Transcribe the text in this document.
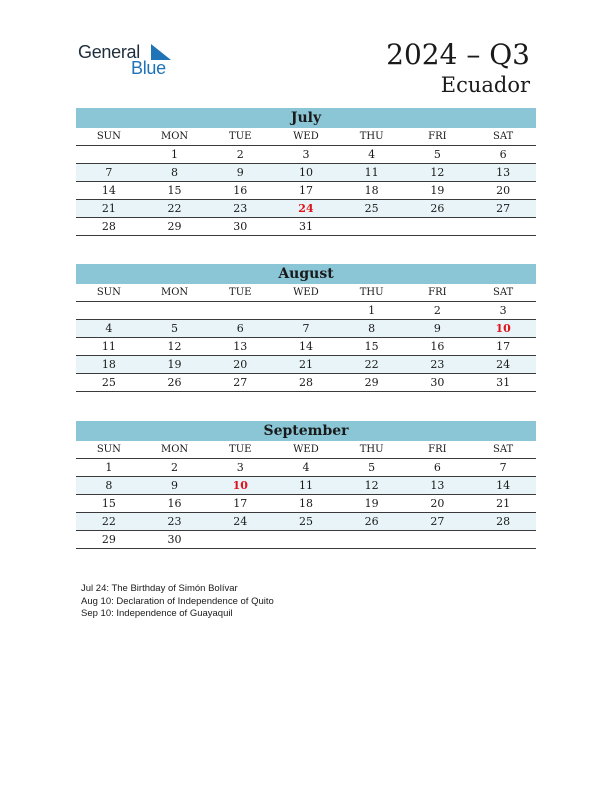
General
Blue	2024 – Q3
Ecuador
July
SUN	MON	TUE	WED	THU	FRI	SAT
	1	2	3	4	5	6
7	8	9	10	11	12	13
14	15	16	17	18	19	20
21	22	23	24	25	26	27
28	29	30	31			
August
SUN	MON	TUE	WED	THU	FRI	SAT
				1	2	3
4	5	6	7	8	9	10
11	12	13	14	15	16	17
18	19	20	21	22	23	24
25	26	27	28	29	30	31
September
SUN	MON	TUE	WED	THU	FRI	SAT
1	2	3	4	5	6	7
8	9	10	11	12	13	14
15	16	17	18	19	20	21
22	23	24	25	26	27	28
29	30					
Jul 24: The Birthday of Simón Bolívar
Aug 10: Declaration of Independence of Quito
Sep 10: Independence of Guayaquil
